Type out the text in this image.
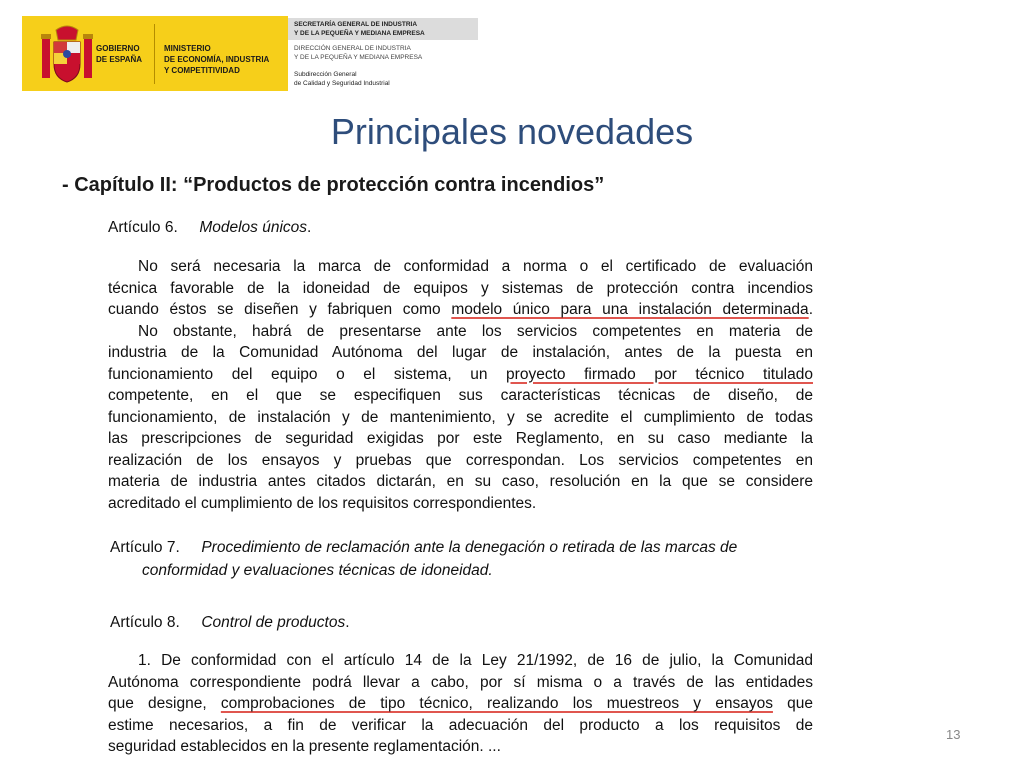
GOBIERNO
DE ESPAÑA
MINISTERIO
DE ECONOMÍA, INDUSTRIA
Y COMPETITIVIDAD
SECRETARÍA GENERAL DE INDUSTRIA
Y DE LA PEQUEÑA Y MEDIANA EMPRESA
DIRECCIÓN GENERAL DE INDUSTRIA
Y DE LA PEQUEÑA Y MEDIANA EMPRESA
Subdirección General
de Calidad y Seguridad Industrial
Principales novedades
- Capítulo II: “Productos de protección contra incendios”
Artículo 6. Modelos únicos.
No será necesaria la marca de conformidad a norma o el certificado de evaluación
técnica favorable de la idoneidad de equipos y sistemas de protección contra incendios
cuando éstos se diseñen y fabriquen como modelo único para una instalación determinada.
No obstante, habrá de presentarse ante los servicios competentes en materia de
industria de la Comunidad Autónoma del lugar de instalación, antes de la puesta en
funcionamiento del equipo o el sistema, un proyecto firmado por técnico titulado
competente, en el que se especifiquen sus características técnicas de diseño, de
funcionamiento, de instalación y de mantenimiento, y se acredite el cumplimiento de todas
las prescripciones de seguridad exigidas por este Reglamento, en su caso mediante la
realización de los ensayos y pruebas que correspondan. Los servicios competentes en
materia de industria antes citados dictarán, en su caso, resolución en la que se considere
acreditado el cumplimiento de los requisitos correspondientes.
Artículo 7. Procedimiento de reclamación ante la denegación o retirada de las marcas de
conformidad y evaluaciones técnicas de idoneidad.
Artículo 8. Control de productos.
1. De conformidad con el artículo 14 de la Ley 21/1992, de 16 de julio, la Comunidad
Autónoma correspondiente podrá llevar a cabo, por sí misma o a través de las entidades
que designe, comprobaciones de tipo técnico, realizando los muestreos y ensayos que
estime necesarios, a fin de verificar la adecuación del producto a los requisitos de
seguridad establecidos en la presente reglamentación. ...
13
